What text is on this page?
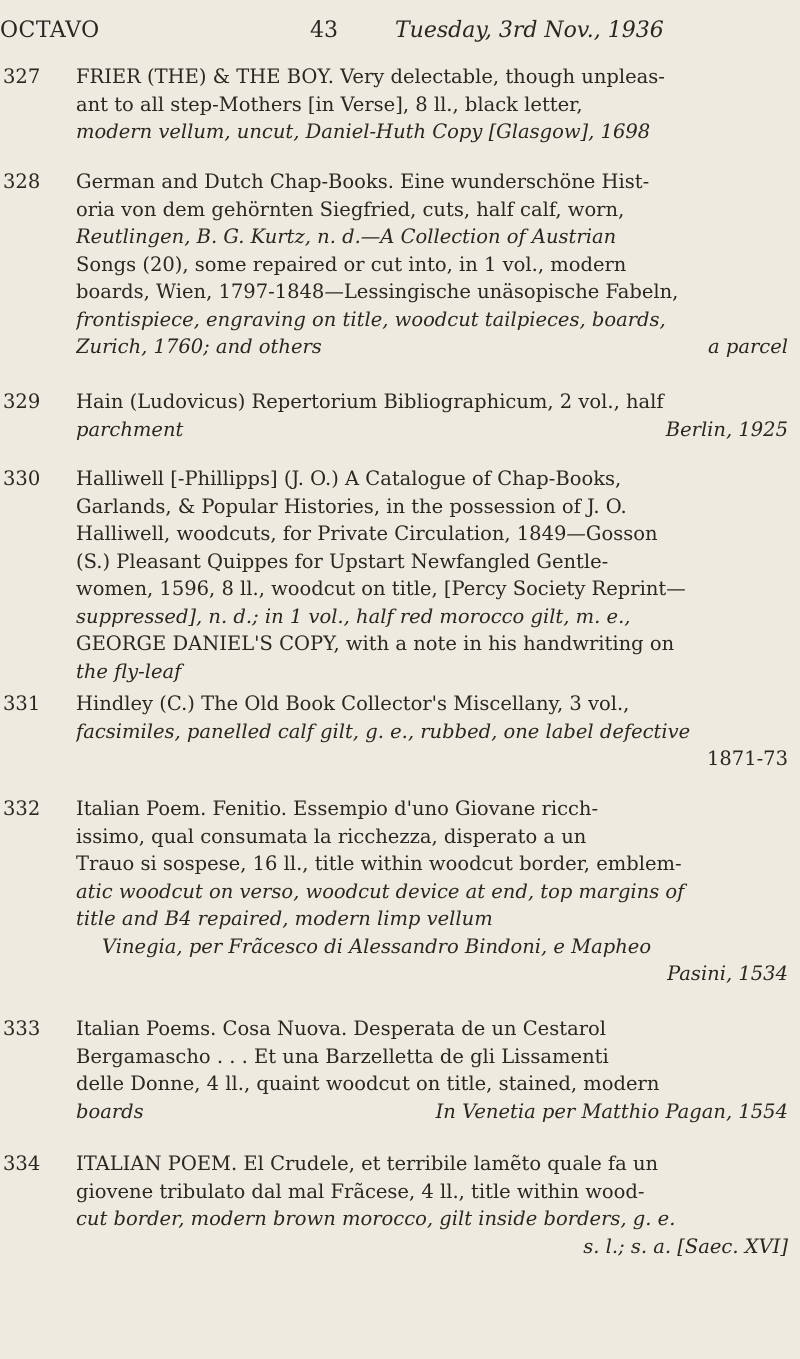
OCTAVO	43	Tuesday, 3rd Nov., 1936
327 FRIER (THE) & THE BOY. Very delectable, though unpleas-
ant to all step-Mothers [in Verse], 8 ll., black letter,
modern vellum, uncut, Daniel-Huth Copy [Glasgow], 1698
328 German and Dutch Chap-Books. Eine wunderschöne Hist-
oria von dem gehörnten Siegfried, cuts, half calf, worn,
Reutlingen, B. G. Kurtz, n. d.—A Collection of Austrian
Songs (20), some repaired or cut into, in 1 vol., modern
boards, Wien, 1797-1848—Lessingische unäsopische Fabeln,
frontispiece, engraving on title, woodcut tailpieces, boards,
Zurich, 1760; and others	a parcel
329 Hain (Ludovicus) Repertorium Bibliographicum, 2 vol., half
parchment	Berlin, 1925
330 Halliwell [-Phillipps] (J. O.) A Catalogue of Chap-Books,
Garlands, & Popular Histories, in the possession of J. O.
Halliwell, woodcuts, for Private Circulation, 1849—Gosson
(S.) Pleasant Quippes for Upstart Newfangled Gentle-
women, 1596, 8 ll., woodcut on title, [Percy Society Reprint—
suppressed], n. d.; in 1 vol., half red morocco gilt, m. e.,
GEORGE DANIEL'S COPY, with a note in his handwriting on
the fly-leaf
331 Hindley (C.) The Old Book Collector's Miscellany, 3 vol.,
facsimiles, panelled calf gilt, g. e., rubbed, one label defective
1871-73
332 Italian Poem. Fenitio. Essempio d'uno Giovane ricch-
issimo, qual consumata la ricchezza, disperato a un
Trauo si sospese, 16 ll., title within woodcut border, emblem-
atic woodcut on verso, woodcut device at end, top margins of
title and B4 repaired, modern limp vellum
Vinegia, per Frãcesco di Alessandro Bindoni, e Mapheo
Pasini, 1534
333 Italian Poems. Cosa Nuova. Desperata de un Cestarol
Bergamascho . . . Et una Barzelletta de gli Lissamenti
delle Donne, 4 ll., quaint woodcut on title, stained, modern
boards	In Venetia per Matthio Pagan, 1554
334 ITALIAN POEM. El Crudele, et terribile lamẽto quale fa un
giovene tribulato dal mal Frãcese, 4 ll., title within wood-
cut border, modern brown morocco, gilt inside borders, g. e.
s. l.; s. a. [Saec. XVI]
